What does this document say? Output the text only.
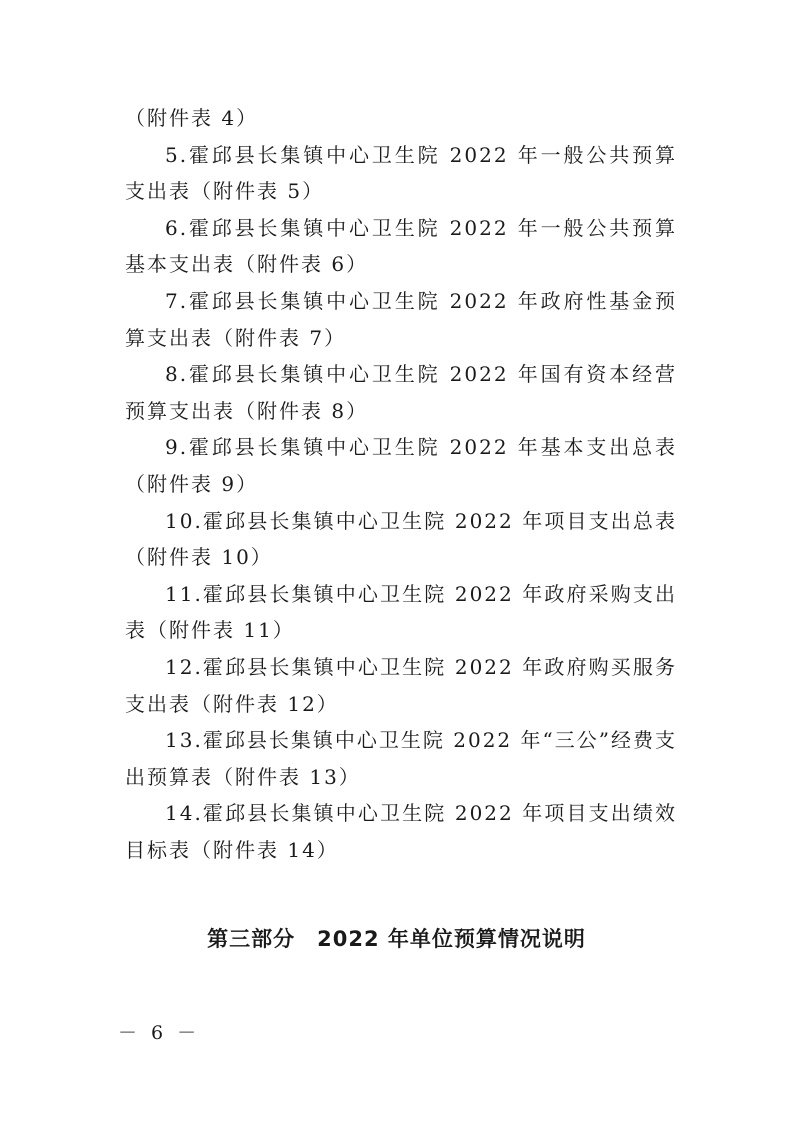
（附件表 4）

5.霍邱县长集镇中心卫生院 2022 年一般公共预算支出表（附件表 5）

6.霍邱县长集镇中心卫生院 2022 年一般公共预算基本支出表（附件表 6）

7.霍邱县长集镇中心卫生院 2022 年政府性基金预算支出表（附件表 7）

8.霍邱县长集镇中心卫生院 2022 年国有资本经营预算支出表（附件表 8）

9.霍邱县长集镇中心卫生院 2022 年基本支出总表（附件表 9）

10.霍邱县长集镇中心卫生院 2022 年项目支出总表（附件表 10）

11.霍邱县长集镇中心卫生院 2022 年政府采购支出表（附件表 11）

12.霍邱县长集镇中心卫生院 2022 年政府购买服务支出表（附件表 12）

13.霍邱县长集镇中心卫生院 2022 年“三公”经费支出预算表（附件表 13）

14.霍邱县长集镇中心卫生院 2022 年项目支出绩效目标表（附件表 14）

第三部分　2022 年单位预算情况说明
－ 6 －
